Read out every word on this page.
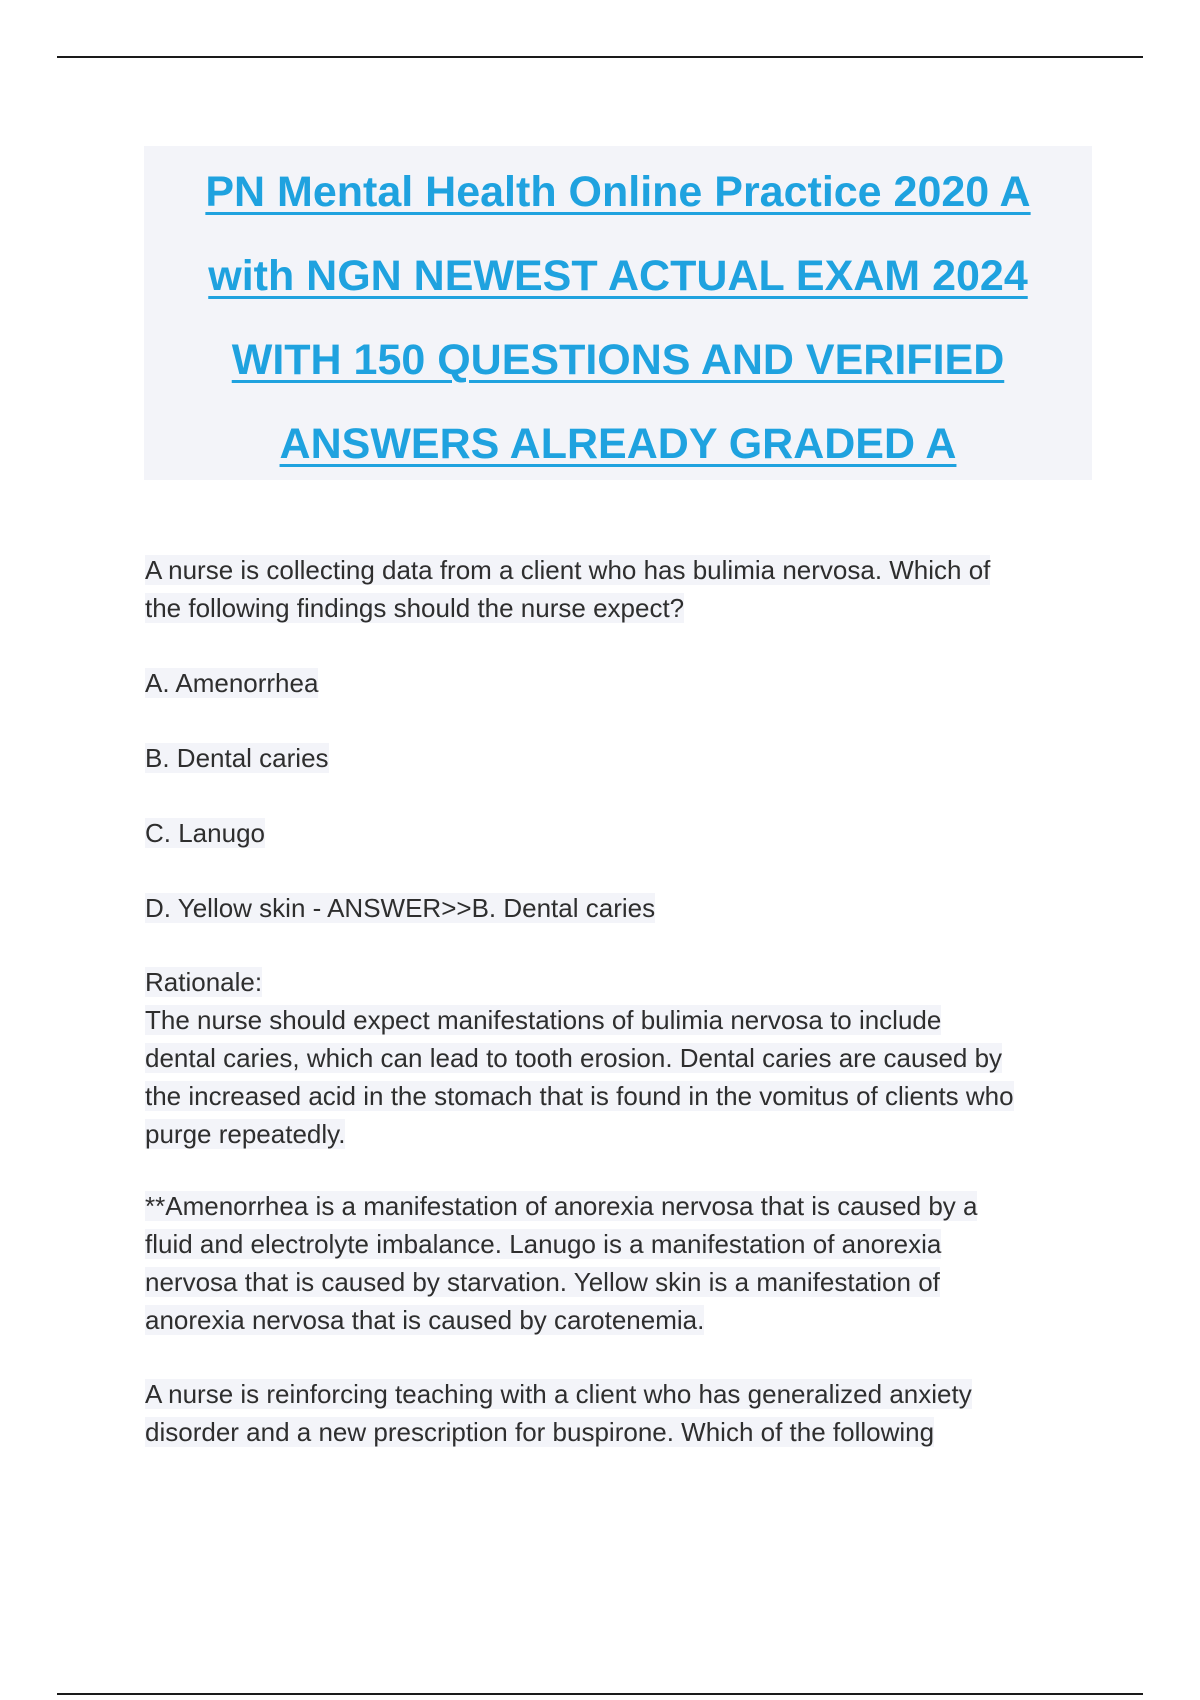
PN Mental Health Online Practice 2020 A
with NGN NEWEST ACTUAL EXAM 2024
WITH 150 QUESTIONS AND VERIFIED
ANSWERS ALREADY GRADED A
A nurse is collecting data from a client who has bulimia nervosa. Which of
the following findings should the nurse expect?
A. Amenorrhea
B. Dental caries
C. Lanugo
D. Yellow skin - ANSWER>>B. Dental caries
Rationale:
The nurse should expect manifestations of bulimia nervosa to include
dental caries, which can lead to tooth erosion. Dental caries are caused by
the increased acid in the stomach that is found in the vomitus of clients who
purge repeatedly.
**Amenorrhea is a manifestation of anorexia nervosa that is caused by a
fluid and electrolyte imbalance. Lanugo is a manifestation of anorexia
nervosa that is caused by starvation. Yellow skin is a manifestation of
anorexia nervosa that is caused by carotenemia.
A nurse is reinforcing teaching with a client who has generalized anxiety
disorder and a new prescription for buspirone. Which of the following
